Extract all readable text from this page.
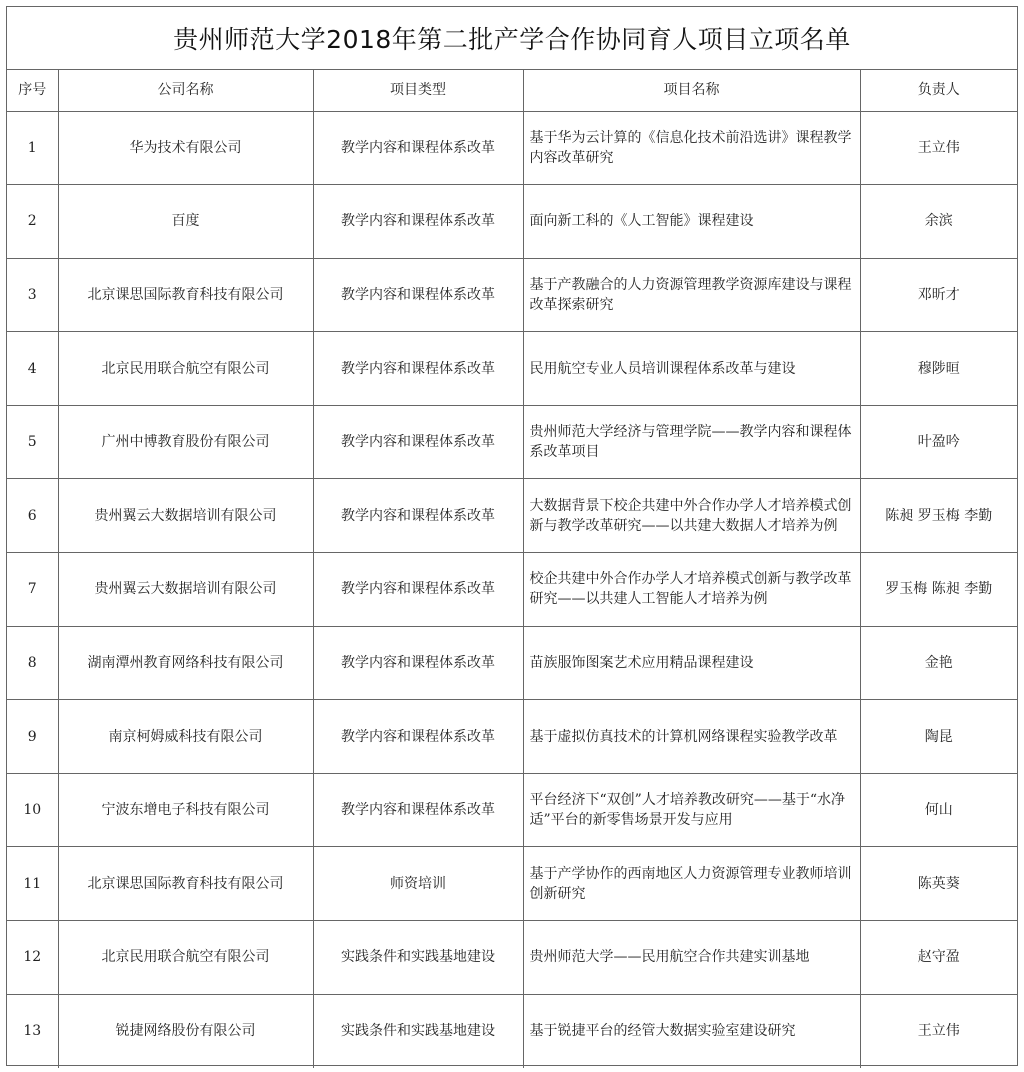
贵州师范大学2018年第二批产学合作协同育人项目立项名单
序号	公司名称	项目类型	项目名称	负责人
1	华为技术有限公司	教学内容和课程体系改革	基于华为云计算的《信息化技术前沿选讲》课程教学内容改革研究	王立伟
2	百度	教学内容和课程体系改革	面向新工科的《人工智能》课程建设	余滨
3	北京课思国际教育科技有限公司	教学内容和课程体系改革	基于产教融合的人力资源管理教学资源库建设与课程改革探索研究	邓昕才
4	北京民用联合航空有限公司	教学内容和课程体系改革	民用航空专业人员培训课程体系改革与建设	穆陟晅
5	广州中博教育股份有限公司	教学内容和课程体系改革	贵州师范大学经济与管理学院——教学内容和课程体系改革项目	叶盈吟
6	贵州翼云大数据培训有限公司	教学内容和课程体系改革	大数据背景下校企共建中外合作办学人才培养模式创新与教学改革研究——以共建大数据人才培养为例	陈昶 罗玉梅 李勤
7	贵州翼云大数据培训有限公司	教学内容和课程体系改革	校企共建中外合作办学人才培养模式创新与教学改革研究——以共建人工智能人才培养为例	罗玉梅 陈昶 李勤
8	湖南潭州教育网络科技有限公司	教学内容和课程体系改革	苗族服饰图案艺术应用精品课程建设	金艳
9	南京柯姆威科技有限公司	教学内容和课程体系改革	基于虚拟仿真技术的计算机网络课程实验教学改革	陶昆
10	宁波东增电子科技有限公司	教学内容和课程体系改革	平台经济下“双创”人才培养教改研究——基于“水净适”平台的新零售场景开发与应用	何山
11	北京课思国际教育科技有限公司	师资培训	基于产学协作的西南地区人力资源管理专业教师培训创新研究	陈英葵
12	北京民用联合航空有限公司	实践条件和实践基地建设	贵州师范大学——民用航空合作共建实训基地	赵守盈
13	锐捷网络股份有限公司	实践条件和实践基地建设	基于锐捷平台的经管大数据实验室建设研究	王立伟
